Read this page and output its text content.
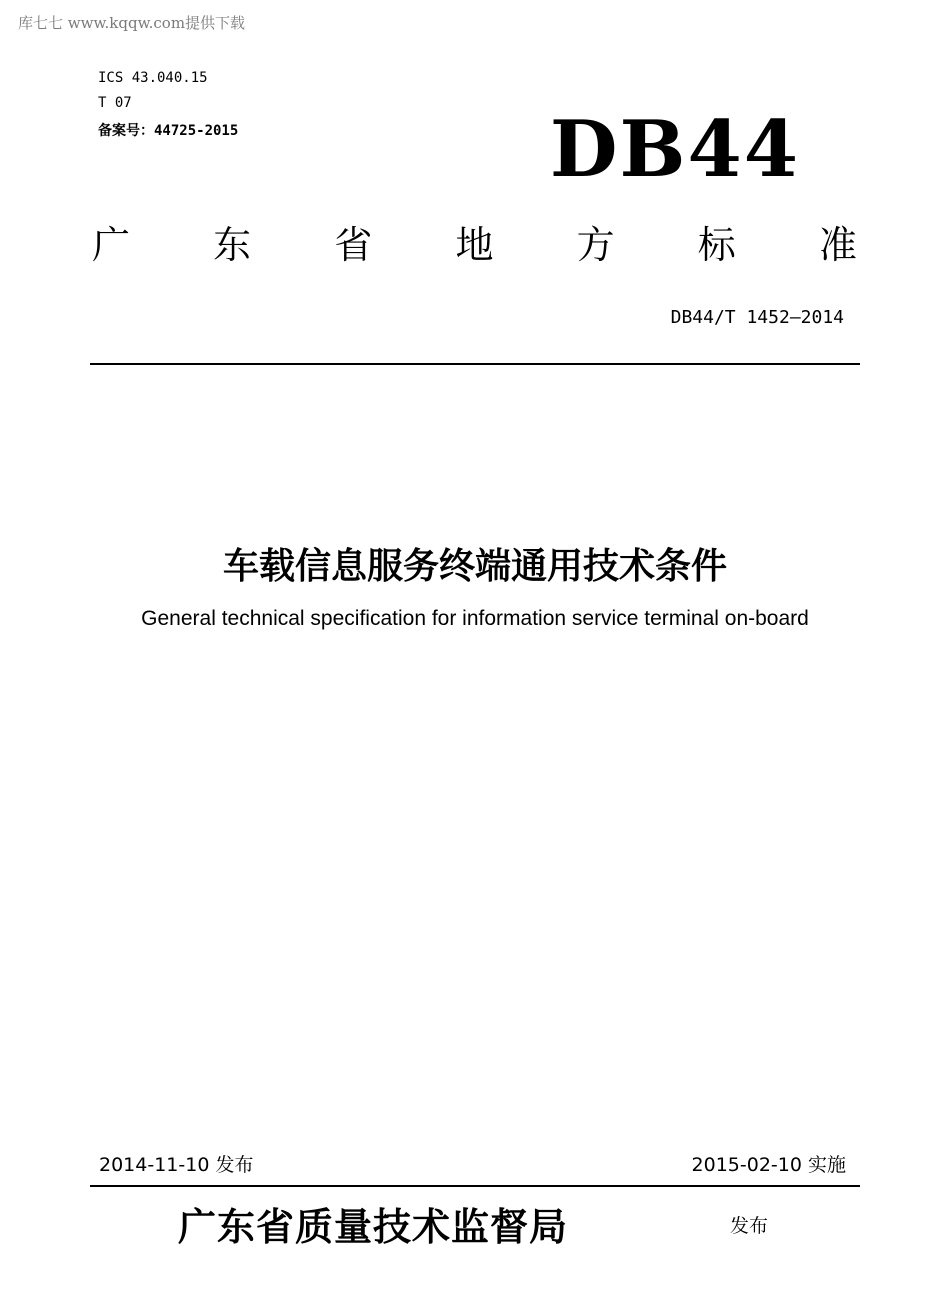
库七七 www.kqqw.com提供下载
ICS 43.040.15
T 07
备案号：44725-2015	DB44
广 东 省 地 方 标 准
DB44/T 1452—2014
车载信息服务终端通用技术条件
General technical specification for information service terminal on-board
2014-11-10 发布	2015-02-10 实施
广东省质量技术监督局	发布
